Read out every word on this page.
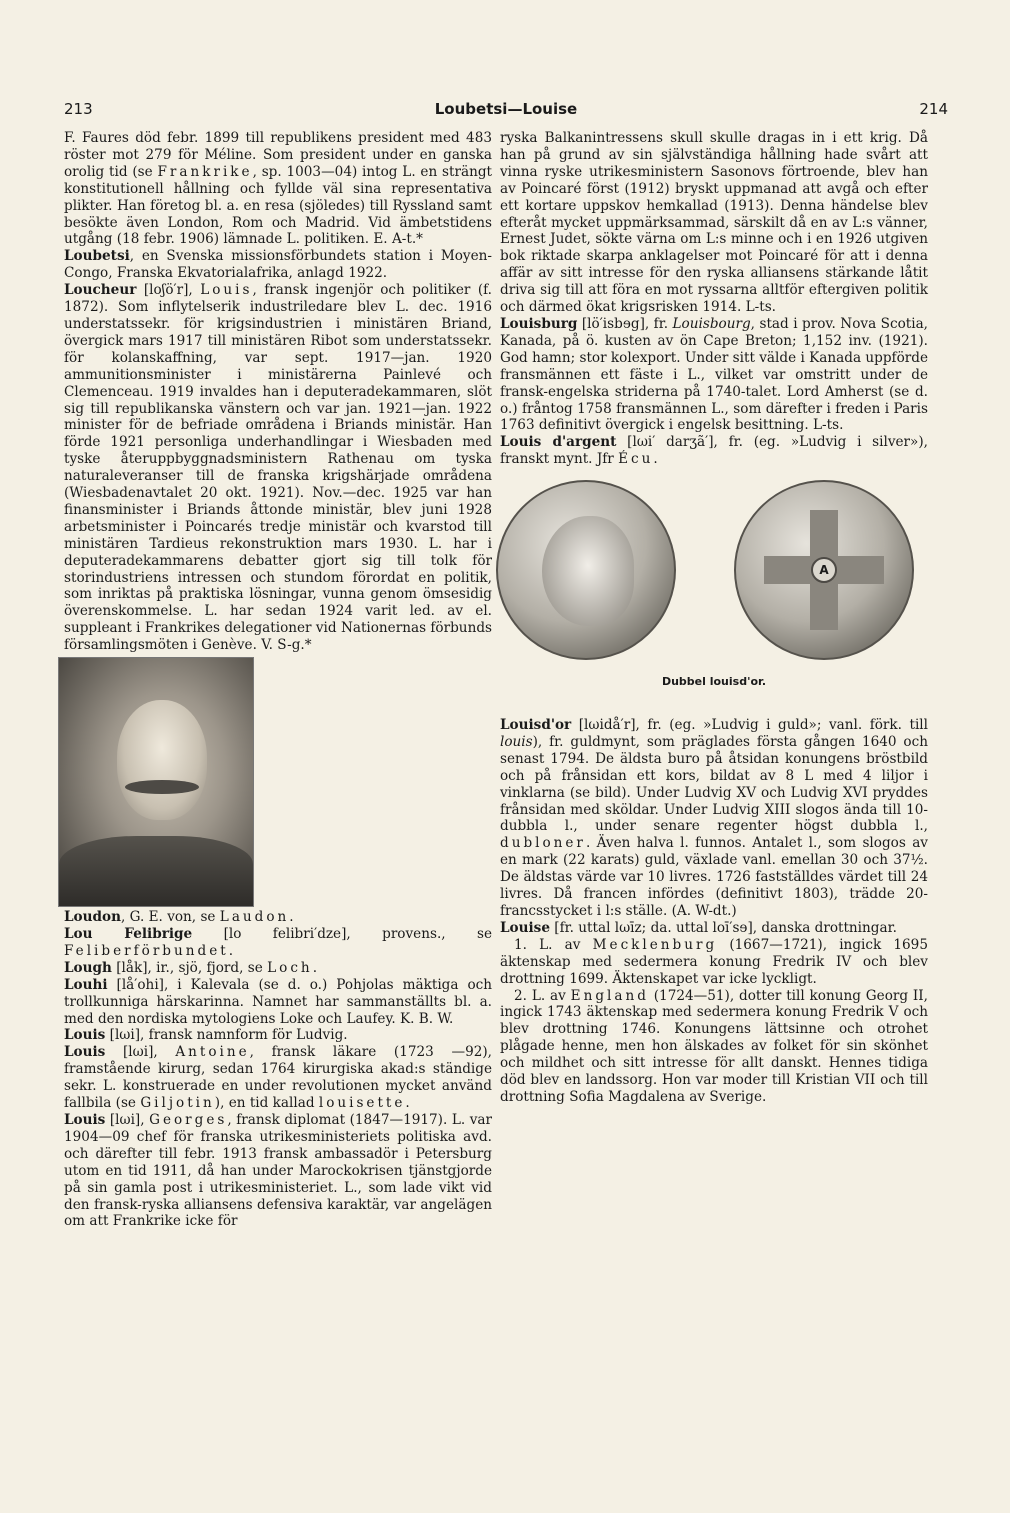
213	Loubetsi—Louise	214

F. Faures död febr. 1899 till republikens president med 483 röster mot 279 för Méline. Som president under en ganska orolig tid (se Frankrike, sp. 1003—04) intog L. en strängt konstitutionell hållning och fyllde väl sina representativa plikter. Han företog bl. a. en resa (sjöledes) till Ryssland samt besökte även London, Rom och Madrid. Vid ämbetstidens utgång (18 febr. 1906) lämnade L. politiken. E. A-t.*

Loubetsi, en Svenska missionsförbundets station i Moyen-Congo, Franska Ekvatorialafrika, anlagd 1922.

Loucheur [loʃö′r], Louis, fransk ingenjör och politiker (f. 1872). Som inflytelserik industriledare blev L. dec. 1916 understatssekr. för krigsindustrien i ministären Briand, övergick mars 1917 till ministären Ribot som understatssekr. för kolanskaffning, var sept. 1917—jan. 1920 ammunitionsminister i ministärerna Painlevé och Clemenceau. 1919 invaldes han i deputeradekammaren, slöt sig till republikanska vänstern och var jan. 1921—jan. 1922 minister för de befriade områdena i Briands ministär. Han förde 1921 personliga underhandlingar i Wiesbaden med tyske återuppbyggnadsministern Rathenau om tyska naturaleveranser till de franska krigshärjade områdena (Wiesbadenavtalet 20 okt. 1921). Nov.—dec. 1925 var han finansminister i Briands åttonde ministär, blev juni 1928 arbetsminister i Poincarés tredje ministär och kvarstod till ministären Tardieus rekonstruktion mars 1930. L. har i deputeradekammarens debatter gjort sig till tolk för storindustriens intressen och stundom förordat en politik, som inriktas på praktiska lösningar, vunna genom ömsesidig överenskommelse. L. har sedan 1924 varit led. av el. suppleant i Frankrikes delegationer vid Nationernas förbunds församlingsmöten i Genève. V. S-g.*

Loudon, G. E. von, se Laudon.

Lou Felibrige [lo felibri′dze], provens., se Feliberförbundet.

Lough [låk], ir., sjö, fjord, se Loch.

Louhi [lå′ohi], i Kalevala (se d. o.) Pohjolas mäktiga och trollkunniga härskarinna. Namnet har sammanställts bl. a. med den nordiska mytologiens Loke och Laufey. K. B. W.

Louis [lωi], fransk namnform för Ludvig.

Louis [lωi], Antoine, fransk läkare (1723 —92), framstående kirurg, sedan 1764 kirurgiska akad:s ständige sekr. L. konstruerade en under revolutionen mycket använd fallbila (se Giljotin), en tid kallad louisette.

Louis [lωi], Georges, fransk diplomat (1847—1917). L. var 1904—09 chef för franska utrikesministeriets politiska avd. och därefter till febr. 1913 fransk ambassadör i Petersburg utom en tid 1911, då han under Marockokrisen tjänstgjorde på sin gamla post i utrikesministeriet. L., som lade vikt vid den fransk-ryska alliansens defensiva karaktär, var angelägen om att Frankrike icke för

ryska Balkanintressens skull skulle dragas in i ett krig. Då han på grund av sin självständiga hållning hade svårt att vinna ryske utrikesministern Sasonovs förtroende, blev han av Poincaré först (1912) bryskt uppmanad att avgå och efter ett kortare uppskov hemkallad (1913). Denna händelse blev efteråt mycket uppmärksammad, särskilt då en av L:s vänner, Ernest Judet, sökte värna om L:s minne och i en 1926 utgiven bok riktade skarpa anklagelser mot Poincaré för att i denna affär av sitt intresse för den ryska alliansens stärkande låtit driva sig till att föra en mot ryssarna alltför eftergiven politik och därmed ökat krigsrisken 1914. L-ts.

Louisburg [lö′isbɘg], fr. Louisbourg, stad i prov. Nova Scotia, Kanada, på ö. kusten av ön Cape Breton; 1,152 inv. (1921). God hamn; stor kolexport. Under sitt välde i Kanada uppförde fransmännen ett fäste i L., vilket var omstritt under de fransk-engelska striderna på 1740-talet. Lord Amherst (se d. o.) fråntog 1758 fransmännen L., som därefter i freden i Paris 1763 definitivt övergick i engelsk besittning. L-ts.

Louis d'argent [lωi′ darʒã′], fr. (eg. »Ludvig i silver»), franskt mynt. Jfr Écu.

A
Dubbel louisd'or.

Louisd'or [lωidå′r], fr. (eg. »Ludvig i guld»; vanl. förk. till louis), fr. guldmynt, som präglades första gången 1640 och senast 1794. De äldsta buro på åtsidan konungens bröstbild och på frånsidan ett kors, bildat av 8 L med 4 liljor i vinklarna (se bild). Under Ludvig XV och Ludvig XVI pryddes frånsidan med sköldar. Under Ludvig XIII slogos ända till 10-dubbla l., under senare regenter högst dubbla l., dubloner. Även halva l. funnos. Antalet l., som slogos av en mark (22 karats) guld, växlade vanl. emellan 30 och 37½. De äldstas värde var 10 livres. 1726 fastställdes värdet till 24 livres. Då francen infördes (definitivt 1803), trädde 20-francsstycket i l:s ställe. (A. W-dt.)

Louise [fr. uttal lωīz; da. uttal loī′sɘ], danska drottningar.

1. L. av Mecklenburg (1667—1721), ingick 1695 äktenskap med sedermera konung Fredrik IV och blev drottning 1699. Äktenskapet var icke lyckligt.

2. L. av England (1724—51), dotter till konung Georg II, ingick 1743 äktenskap med sedermera konung Fredrik V och blev drottning 1746. Konungens lättsinne och otrohet plågade henne, men hon älskades av folket för sin skönhet och mildhet och sitt intresse för allt danskt. Hennes tidiga död blev en landssorg. Hon var moder till Kristian VII och till drottning Sofia Magdalena av Sverige.
